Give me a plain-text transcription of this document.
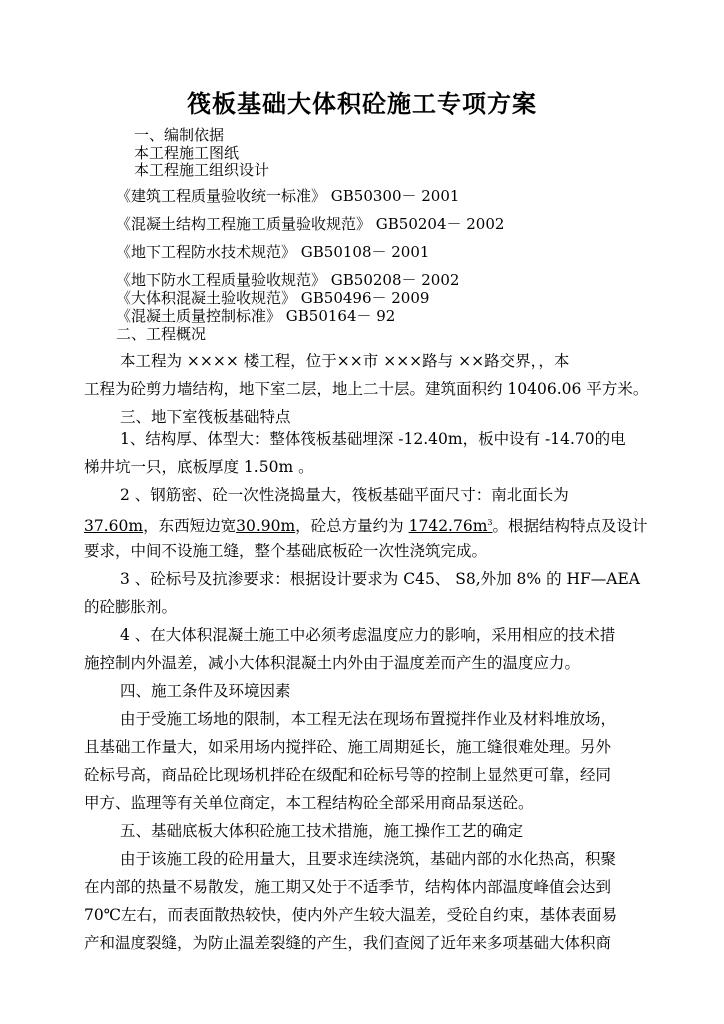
筏板基础大体积砼施工专项方案

一、编制依据

本工程施工图纸

本工程施工组织设计

《建筑工程质量验收统一标准》 GB50300－ 2001

《混凝土结构工程施工质量验收规范》 GB50204－ 2002

《地下工程防水技术规范》 GB50108－ 2001

《地下防水工程质量验收规范》 GB50208－ 2002

《大体积混凝土验收规范》 GB50496－ 2009

《混凝土质量控制标准》 GB50164－ 92

二、工程概况

本工程为 ×××× 楼工程，位于××市 ×××路与 ××路交界，，本

工程为砼剪力墙结构，地下室二层，地上二十层。建筑面积约 10406.06 平方米。

三、地下室筏板基础特点

1、结构厚、体型大：整体筏板基础埋深 -12.40m，板中设有 -14.70的电

梯井坑一只，底板厚度 1.50m 。

2 、钢筋密、砼一次性浇捣量大，筏板基础平面尺寸：南北面长为

37.60m，东西短边宽30.90m，砼总方量约为 $1742.76m^3$。根据结构特点及设计

要求，中间不设施工缝，整个基础底板砼一次性浇筑完成。

3 、砼标号及抗渗要求：根据设计要求为 C45、 S8,外加 8% 的 HF—AEA

的砼膨胀剂。

4 、在大体积混凝土施工中必须考虑温度应力的影响，采用相应的技术措

施控制内外温差，减小大体积混凝土内外由于温度差而产生的温度应力。

四、施工条件及环境因素

由于受施工场地的限制，本工程无法在现场布置搅拌作业及材料堆放场，

且基础工作量大，如采用场内搅拌砼、施工周期延长，施工缝很难处理。另外

砼标号高，商品砼比现场机拌砼在级配和砼标号等的控制上显然更可靠，经同

甲方、监理等有关单位商定，本工程结构砼全部采用商品泵送砼。

五、基础底板大体积砼施工技术措施，施工操作工艺的确定

由于该施工段的砼用量大，且要求连续浇筑，基础内部的水化热高，积聚

在内部的热量不易散发，施工期又处于不适季节，结构体内部温度峰值会达到

70℃左右，而表面散热较快，使内外产生较大温差，受砼自约束，基体表面易

产和温度裂缝，为防止温差裂缝的产生，我们查阅了近年来多项基础大体积商
